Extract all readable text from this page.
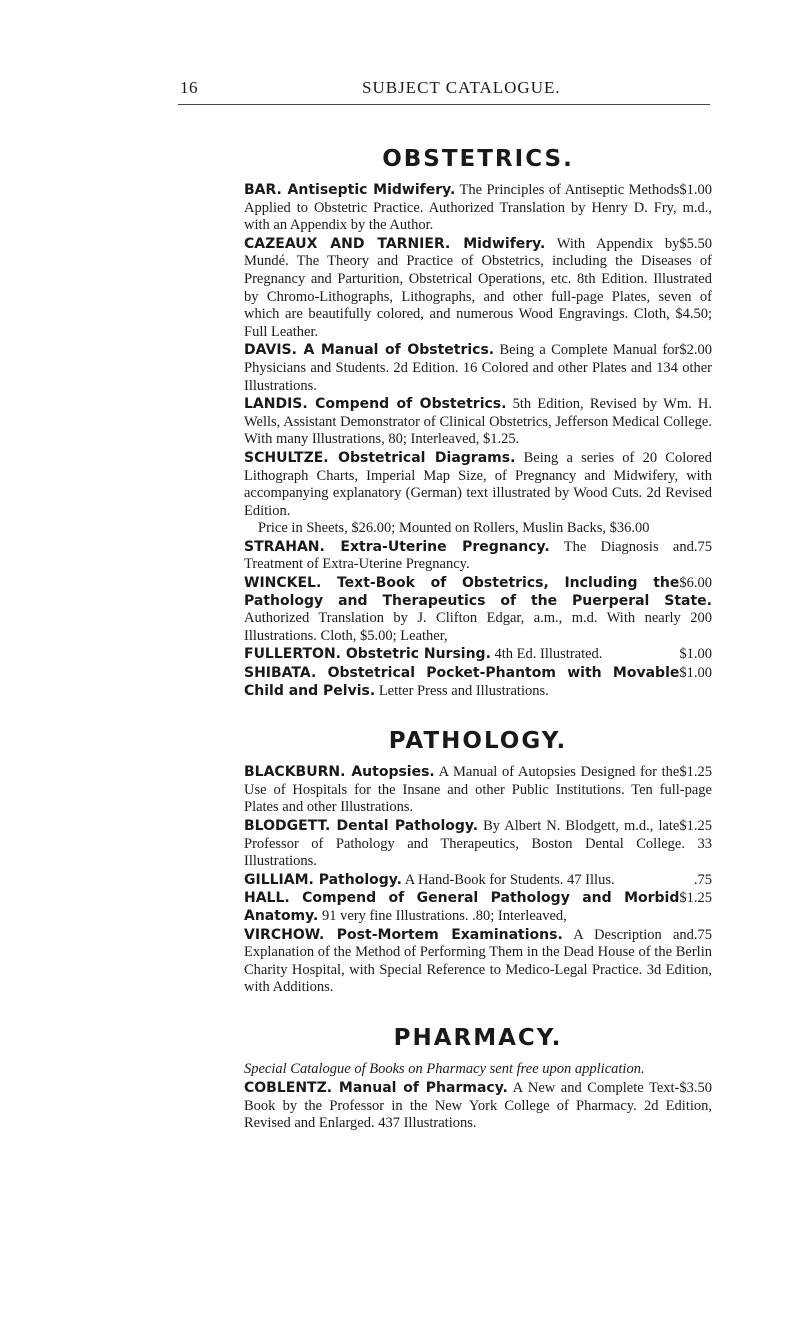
16	SUBJECT CATALOGUE.
OBSTETRICS.
$1.00
BAR. Antiseptic Midwifery. The Principles of Antiseptic Methods Applied to Obstetric Practice. Authorized Translation by Henry D. Fry, m.d., with an Appendix by the Author.
$5.50
CAZEAUX AND TARNIER. Midwifery. With Appendix by Mundé. The Theory and Practice of Obstetrics, including the Diseases of Pregnancy and Parturition, Obstetrical Operations, etc. 8th Edition. Illustrated by Chromo-Lithographs, Lithographs, and other full-page Plates, seven of which are beautifully colored, and numerous Wood Engravings. Cloth, $4.50; Full Leather.
$2.00
DAVIS. A Manual of Obstetrics. Being a Complete Manual for Physicians and Students. 2d Edition. 16 Colored and other Plates and 134 other Illustrations.
LANDIS. Compend of Obstetrics. 5th Edition, Revised by Wm. H. Wells, Assistant Demonstrator of Clinical Obstetrics, Jefferson Medical College. With many Illustrations, 80; Interleaved, $1.25.
SCHULTZE. Obstetrical Diagrams. Being a series of 20 Colored Lithograph Charts, Imperial Map Size, of Pregnancy and Midwifery, with accompanying explanatory (German) text illustrated by Wood Cuts. 2d Revised Edition.
Price in Sheets, $26.00; Mounted on Rollers, Muslin Backs, $36.00
.75
STRAHAN. Extra-Uterine Pregnancy. The Diagnosis and Treatment of Extra-Uterine Pregnancy.
$6.00
WINCKEL. Text-Book of Obstetrics, Including the Pathology and Therapeutics of the Puerperal State. Authorized Translation by J. Clifton Edgar, a.m., m.d. With nearly 200 Illustrations. Cloth, $5.00; Leather,
$1.00
FULLERTON. Obstetric Nursing. 4th Ed. Illustrated.
$1.00
SHIBATA. Obstetrical Pocket-Phantom with Movable Child and Pelvis. Letter Press and Illustrations.
PATHOLOGY.
$1.25
BLACKBURN. Autopsies. A Manual of Autopsies Designed for the Use of Hospitals for the Insane and other Public Institutions. Ten full-page Plates and other Illustrations.
$1.25
BLODGETT. Dental Pathology. By Albert N. Blodgett, m.d., late Professor of Pathology and Therapeutics, Boston Dental College. 33 Illustrations.
.75
GILLIAM. Pathology. A Hand-Book for Students. 47 Illus.
$1.25
HALL. Compend of General Pathology and Morbid Anatomy. 91 very fine Illustrations. .80; Interleaved,
.75
VIRCHOW. Post-Mortem Examinations. A Description and Explanation of the Method of Performing Them in the Dead House of the Berlin Charity Hospital, with Special Reference to Medico-Legal Practice. 3d Edition, with Additions.
PHARMACY.
Special Catalogue of Books on Pharmacy sent free upon application.
$3.50
COBLENTZ. Manual of Pharmacy. A New and Complete Text-Book by the Professor in the New York College of Pharmacy. 2d Edition, Revised and Enlarged. 437 Illustrations.
